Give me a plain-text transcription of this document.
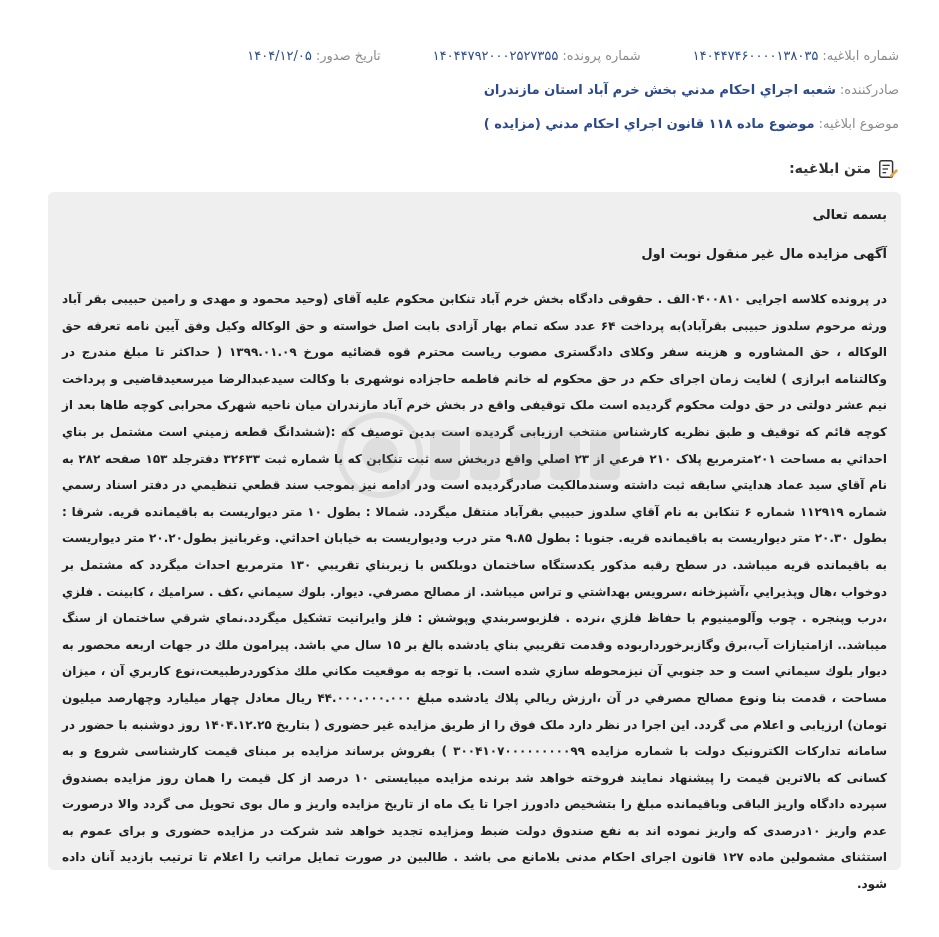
شماره ابلاغیه:
۱۴۰۴۴۷۴۶۰۰۰۰۱۳۸۰۳۵
شماره پرونده:
۱۴۰۴۴۷۹۲۰۰۰۲۵۲۷۳۵۵
تاریخ صدور:
۱۴۰۴/۱۲/۰۵
صادرکننده:
شعبه اجراي احكام مدني بخش خرم آباد استان مازندران
موضوع ابلاغیه:
موضوع ماده ۱۱۸ قانون اجراي احكام مدني (مزايده )
متن ابلاغیه:
بسمه تعالی
آگهی مزایده مال غیر منقول نوبت اول

در پرونده کلاسه اجرایی ۰۴۰۰۸۱۰الف . حقوقی دادگاه بخش خرم آباد تنکابن محکوم علیه آقای (وحید محمود و مهدی و رامین حبیبی بقر آباد ورثه مرحوم سلدوز حبیبی بقرآباد)به پرداخت ۶۴ عدد سکه تمام بهار آزادی بابت اصل خواسته و حق الوکاله وکیل وفق آیین نامه تعرفه حق الوکاله ، حق المشاوره و هزینه سفر وکلای دادگستری مصوب ریاست محترم قوه قضائیه مورخ ۱۳۹۹.۰۱.۰۹ ( حداکثر تا مبلغ مندرج در وکالتنامه ابرازی ) لغایت زمان اجرای حکم در حق محکوم له خانم فاطمه حاجزاده نوشهری با وکالت سیدعبدالرضا میرسعیدقاضیی و پرداخت نیم عشر دولتی در حق دولت محکوم گردیده است ملک توقیفی واقع در بخش خرم آباد مازندران میان ناحیه شهرک محرابی کوچه طاها بعد از کوچه قائم که توقیف و طبق نظریه کارشناس منتخب ارزیابی گردیده است بدین توصیف که :(ششدانگ قطعه زميني است مشتمل بر بناي احداثي به مساحت ۲۰۱مترمربع پلاک ۲۱۰ فرعي از ۲۳ اصلي واقع دربخش سه ثبت تنكابن كه با شماره ثبت ۳۲۶۳۳ دفترجلد ۱۵۳ صفحه ۲۸۲ به نام آقاي سيد عماد هدايتي سابقه ثبت داشته وسندمالكيت صادرگرديده است ودر ادامه نيز بموجب سند قطعي تنظيمي در دفتر اسناد رسمي شماره ۱۱۲۹۱۹ شماره ۶ تنكابن به نام آقاي سلدوز حبيبي بقرآباد منتقل ميگردد. شمالا : بطول ۱۰ متر ديواريست به باقيمانده قريه. شرقا : بطول ۲۰.۳۰ متر ديواريست به باقيمانده قريه. جنوبا : بطول ۹.۸۵ متر درب وديواريست به خيابان احداثي. وغربانيز بطول۲۰.۲۰ متر ديواريست به باقيمانده قريه ميباشد. در سطح رقبه مذكور يكدستگاه ساختمان دوبلكس با زيربناي تقريبي ۱۳۰ مترمربع احداث ميگردد كه مشتمل بر دوخواب ،هال وپذيرايي ،آشپزخانه ،سرويس بهداشتي و تراس ميباشد. از مصالح مصرفي. ديوار. بلوك سيماني ،كف . سراميك ، كابينت . فلزي ،درب وپنجره . چوب وآلومينيوم با حفاظ فلزي ،نرده . فلزبوسربندي وپوشش : فلز وايرانيت تشكيل ميگردد.نماي شرقي ساختمان از سنگ ميباشد.. ازامتيازات آب،برق وگازبرخورداربوده وقدمت تقريبي بناي يادشده بالغ بر ۱۵ سال مي باشد. پيرامون ملك در جهات اربعه محصور به ديوار بلوك سيماني است و حد جنوبي آن نيزمحوطه سازي شده است. با توجه به موقعيت مكاني ملك مذكوردرطبيعت،نوع كاربري آن ، ميزان مساحت ، قدمت بنا ونوع مصالح مصرفي در آن ،ارزش ريالي پلاك يادشده مبلغ ۴۴.۰۰۰.۰۰۰.۰۰۰ ريال معادل چهار ميليارد وچهارصد ميليون تومان) ارزيابی و اعلام می گردد. این اجرا در نظر دارد ملک فوق را از طریق مزایده غیر حضوری ( بتاریخ ۱۴۰۴.۱۲.۲۵ روز دوشنبه با حضور در سامانه تدارکات الکترونیک دولت با شماره مزایده ۳۰۰۴۱۰۷۰۰۰۰۰۰۰۰۰۹۹ ) بفروش برساند مزایده بر مبنای قیمت کارشناسی شروع و به کسانی که بالاترین قیمت را پیشنهاد نمایند فروخته خواهد شد برنده مزایده میبایستی ۱۰ درصد از کل قیمت را همان روز مزایده بصندوق سپرده دادگاه واریز الباقی وباقیمانده مبلغ را بتشخیص دادورز اجرا تا یک ماه از تاریخ مزایده واریز و مال بوی تحویل می گردد والا درصورت عدم واریز ۱۰درصدی که واریز نموده اند به نفع صندوق دولت ضبط ومزایده تجدید خواهد شد شرکت در مزایده حضوری و برای عموم به استثنای مشمولین ماده ۱۲۷ قانون اجرای احکام مدنی بلامانع می باشد . طالبین در صورت تمایل مراتب را اعلام تا ترتیب بازدید آنان داده شود.
